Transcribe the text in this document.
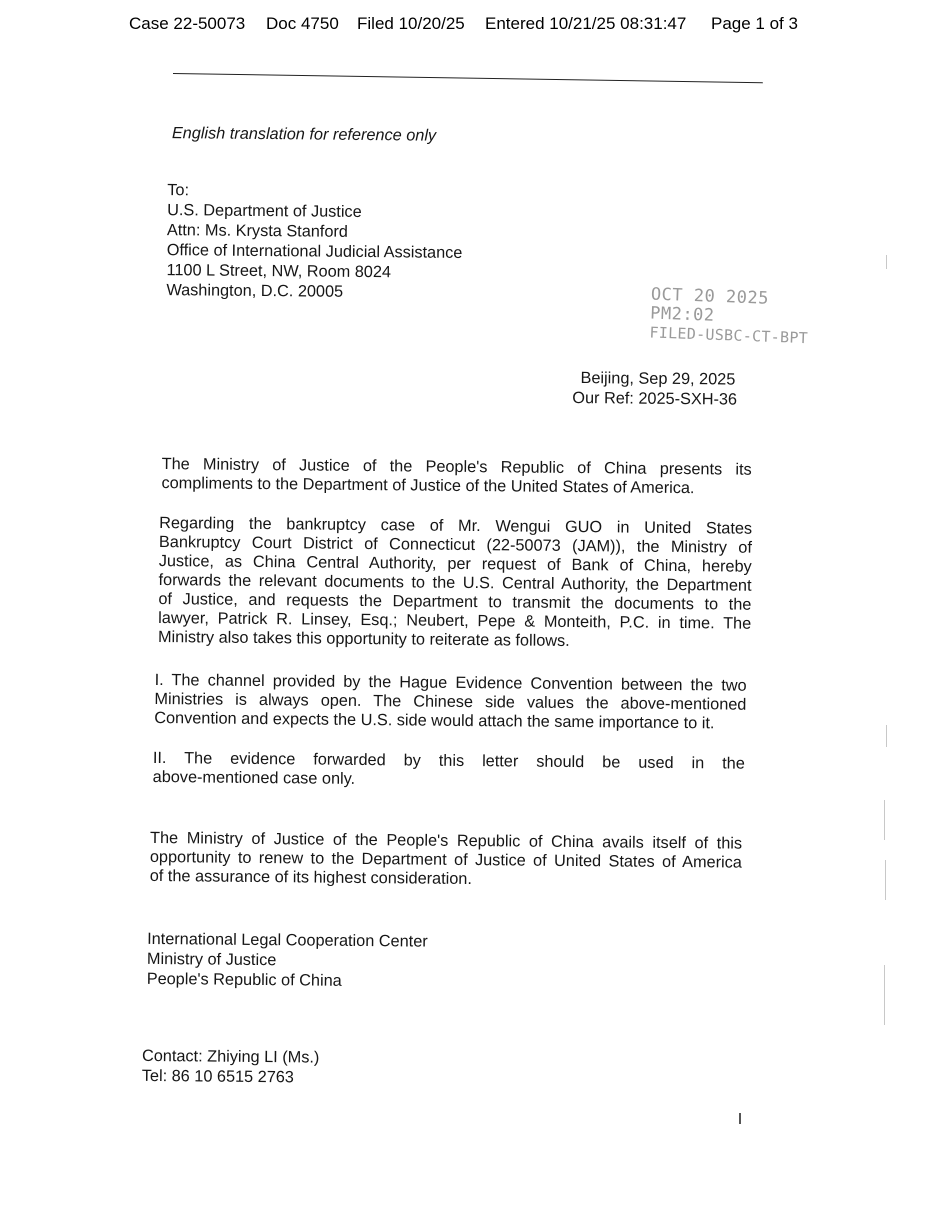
Case 22-50073 Doc 4750 Filed 10/20/25 Entered 10/21/25 08:31:47 Page 1 of 3
English translation for reference only
To:
U.S. Department of Justice
Attn: Ms. Krysta Stanford
Office of International Judicial Assistance
1100 L Street, NW, Room 8024
Washington, D.C. 20005	OCT 20 2025 PM2:02
FILED-USBC-CT-BPT
Beijing, Sep 29, 2025
Our Ref: 2025-SXH-36
The Ministry of Justice of the People's Republic of China presents its
compliments to the Department of Justice of the United States of America.
Regarding the bankruptcy case of Mr. Wengui GUO in United States
Bankruptcy Court District of Connecticut (22-50073 (JAM)), the Ministry of
Justice, as China Central Authority, per request of Bank of China, hereby
forwards the relevant documents to the U.S. Central Authority, the Department
of Justice, and requests the Department to transmit the documents to the
lawyer, Patrick R. Linsey, Esq.; Neubert, Pepe & Monteith, P.C. in time. The
Ministry also takes this opportunity to reiterate as follows.
I. The channel provided by the Hague Evidence Convention between the two
Ministries is always open. The Chinese side values the above-mentioned
Convention and expects the U.S. side would attach the same importance to it.
II. The evidence forwarded by this letter should be used in the
above-mentioned case only.
The Ministry of Justice of the People's Republic of China avails itself of this
opportunity to renew to the Department of Justice of United States of America
of the assurance of its highest consideration.
International Legal Cooperation Center
Ministry of Justice
People's Republic of China
Contact: Zhiying LI (Ms.)
Tel: 86 10 6515 2763
